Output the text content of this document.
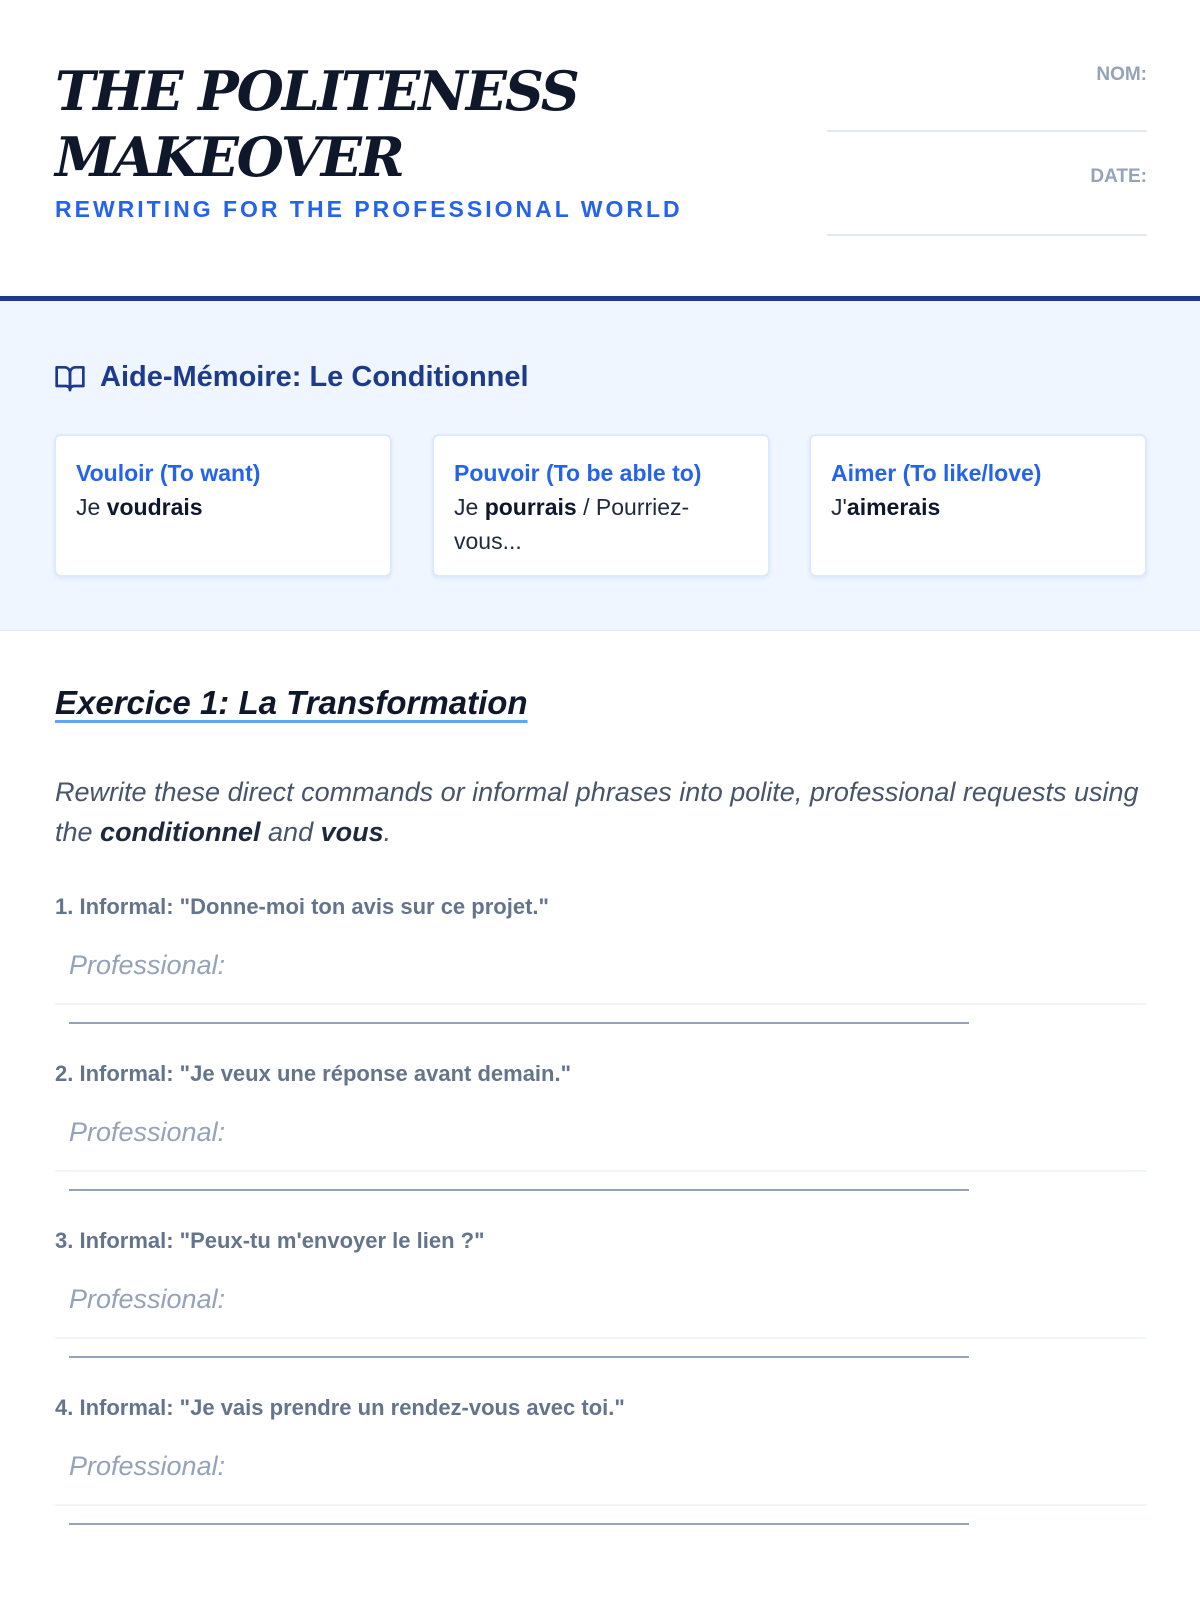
THE POLITENESS
MAKEOVER
REWRITING FOR THE PROFESSIONAL WORLD
NOM:
DATE:
Aide-Mémoire: Le Conditionnel
Vouloir (To want)
Je voudrais
Pouvoir (To be able to)
Je pourrais / Pourriez-vous...
Aimer (To like/love)
J'aimerais
Exercice 1: La Transformation
Rewrite these direct commands or informal phrases into polite, professional requests using the conditionnel and vous.
1. Informal: "Donne-moi ton avis sur ce projet."
Professional:
2. Informal: "Je veux une réponse avant demain."
Professional:
3. Informal: "Peux-tu m'envoyer le lien ?"
Professional:
4. Informal: "Je vais prendre un rendez-vous avec toi."
Professional:
